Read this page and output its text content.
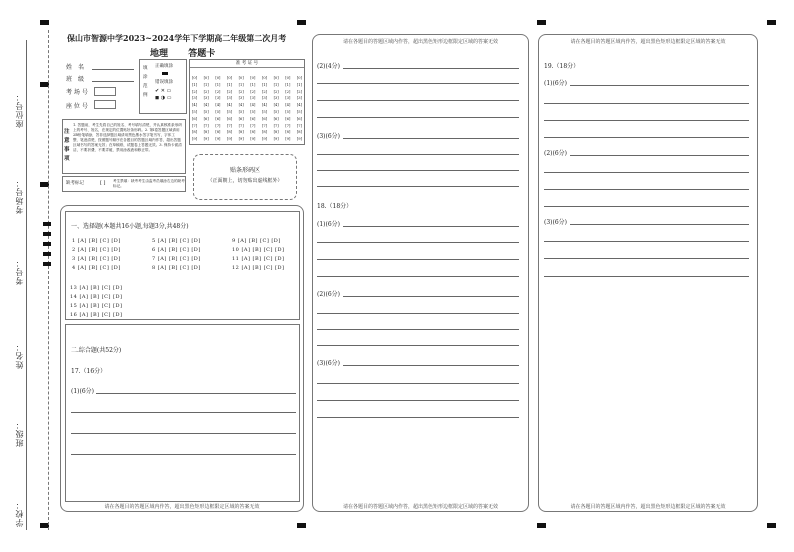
座位号：
考场号：
考号：
姓名：
班级：
学校：
保山市智源中学2023~2024学年下学期高二年级第二次月考
地理 答题卡
姓　名
班　级
考 场 号
座 位 号
填涂范例
正确填涂
错误填涂
✔ ✕ ▭
◼ ◑ ▭
准 考 证 号
[0] [0] [0] [0] [0] [0] [0] [0] [0] [0]
[1] [1] [1] [1] [1] [1] [1] [1] [1] [1]
[2] [2] [2] [2] [2] [2] [2] [2] [2] [2]
[3] [3] [3] [3] [3] [3] [3] [3] [3] [3]
[4] [4] [4] [4] [4] [4] [4] [4] [4] [4]
[5] [5] [5] [5] [5] [5] [5] [5] [5] [5]
[6] [6] [6] [6] [6] [6] [6] [6] [6] [6]
[7] [7] [7] [7] [7] [7] [7] [7] [7] [7]
[8] [8] [8] [8] [8] [8] [8] [8] [8] [8]
[9] [9] [9] [9] [9] [9] [9] [9] [9] [9]
注意事项
1. 答题前，考生先将自己的姓名、考号填写清楚，并认真核准条形码上的考号、姓名，在规定的位置贴好条形码。2. 第Ⅰ卷答题区域请用2B铅笔填涂，答非选择题区域请用黑色墨水签字笔书写，字体工整、笔迹清楚，按照题号顺序在各题目的答题区域内作答，超出答题区域书写的答案无效；在草稿纸、试题卷上答题无效。3. 保持卡面清洁，不要折叠，不要弄破，禁用涂改液和修正带。
缺考标记	[ ] 考生禁填：缺考考生由监考员填涂右边的缺考标记。
贴条形码区
（正面朝上，切勿贴出虚线框外）
请在各题目的答题区域内作答，超出黑色矩形边框限定区域的答案无效
一、选择题(本题共16小题,每题3分,共48分)
1 [A] [B] [C] [D]	5 [A] [B] [C] [D]	9 [A] [B] [C] [D]
2 [A] [B] [C] [D]	6 [A] [B] [C] [D]	10 [A] [B] [C] [D]
3 [A] [B] [C] [D]	7 [A] [B] [C] [D]	11 [A] [B] [C] [D]
4 [A] [B] [C] [D]	8 [A] [B] [C] [D]	12 [A] [B] [C] [D]
13 [A] [B] [C] [D]
14 [A] [B] [C] [D]
15 [A] [B] [C] [D]
16 [A] [B] [C] [D]
二.综合题(共52分)
17.（16分）
(1)(6分)
请在各题目的答题区域内作答，超出黑色矩形边框限定区域的答案无效
请在各题目的答题区域内作答，超出黑色矩形边框限定区域的答案无效
(2)(4分)
(3)(6分)
18.（18分）
(1)(6分)
(2)(6分)
(3)(6分)
请在各题目的答题区域内作答，超出黑色矩形边框限定区域的答案无效
请在各题目的答题区域内作答，超出黑色矩形边框限定区域的答案无效
19.（18分）
(1)(6分)
(2)(6分)
(3)(6分)
